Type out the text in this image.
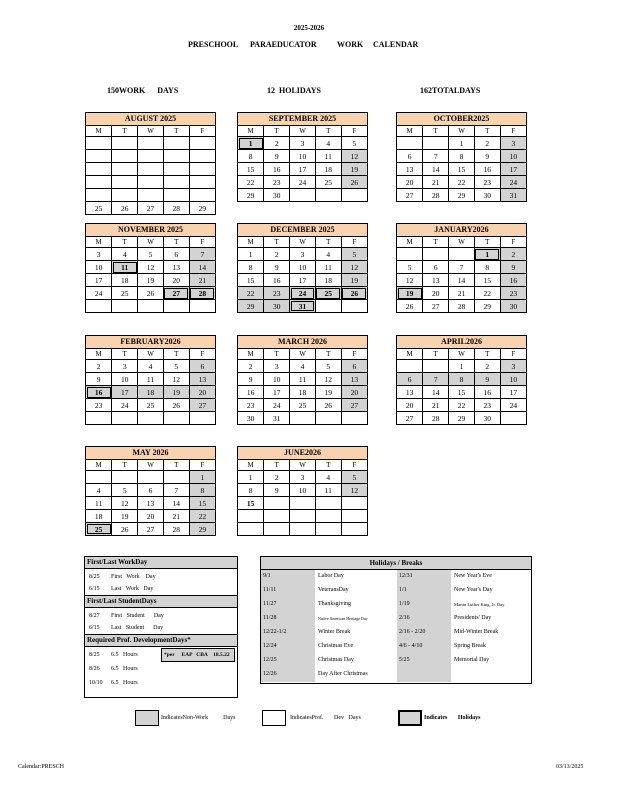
2025-2026
PRESCHOOL PARAEDUCATOR	WORK CALENDAR
150WORK      DAYS	12  HOLIDAYS	162TOTALDAYS
AUGUST 2025
M	T	W	T	F

25	26	27	28	29
SEPTEMBER 2025
M	T	W	T	F
1	2	3	4	5
8	9	10	11	12
15	16	17	18	19
22	23	24	25	26
29	30			
OCTOBER2025
M	T	W	T	F
		1	2	3
6	7	8	9	10
13	14	15	16	17
20	21	22	23	24
27	28	29	30	31
NOVEMBER 2025
M	T	W	T	F
3	4	5	6	7
10	11	12	13	14
17	18	19	20	21
24	25	26	27	28

DECEMBER 2025
M	T	W	T	F
1	2	3	4	5
8	9	10	11	12
15	16	17	18	19
22	23	24	25	26
29	30	31		
JANUARY2026
M	T	W	T	F
			1	2
5	6	7	8	9
12	13	14	15	16
19	20	21	22	23
26	27	28	29	30
FEBRUARY2026
M	T	W	T	F
2	3	4	5	6
9	10	11	12	13
16	17	18	19	20
23	24	25	26	27

MARCH 2026
M	T	W	T	F
2	3	4	5	6
9	10	11	12	13
16	17	18	19	20
23	24	25	26	27
30	31			
APRIL2026
M	T	W	T	F
		1	2	3
6	7	8	9	10
13	14	15	16	17
20	21	22	23	24
27	28	29	30	
MAY 2026
M	T	W	T	F
				1
4	5	6	7	8
11	12	13	14	15
18	19	20	21	22
25	26	27	28	29
JUNE2026
M	T	W	T	F
1	2	3	4	5
8	9	10	11	12
15				

First/Last WorkDay
8/25 First   Work    Day
6/15 Last   Work   Day
First/Last StudentDays
8/27 First   Student      Day
6/15 Last   Student      Day
Required Prof. DevelopmentDays*
8/25 6.5   Hours
	*per     EAP   CBA    18.5.22

8/26 6.5   Hours
10/10 6.5   Hours
Holidays / Breaks
9/1	Labor Day	12/31	New Year's Eve
11/11	VeteransDay	1/1	New Year's Day
11/27	Thanksgiving	1/19	Martin Luther King, Jr. Day
11/28	Native American Heritage Day	2/16	Presidents' Day
12/22-1/2	Winter Break	2/16 - 2/20	Mid-Winter Break
12/24	Christmas Eve	4/6 - 4/10	Spring Break
12/25	Christmas Day	5/25	Memorial Day
12/26	Day After Christmas
IndicatesNon-Work          Days	IndicatesProf.       Dev   Days	Indicates       Holidays
Calendar:PRESCH	03/13/2025
